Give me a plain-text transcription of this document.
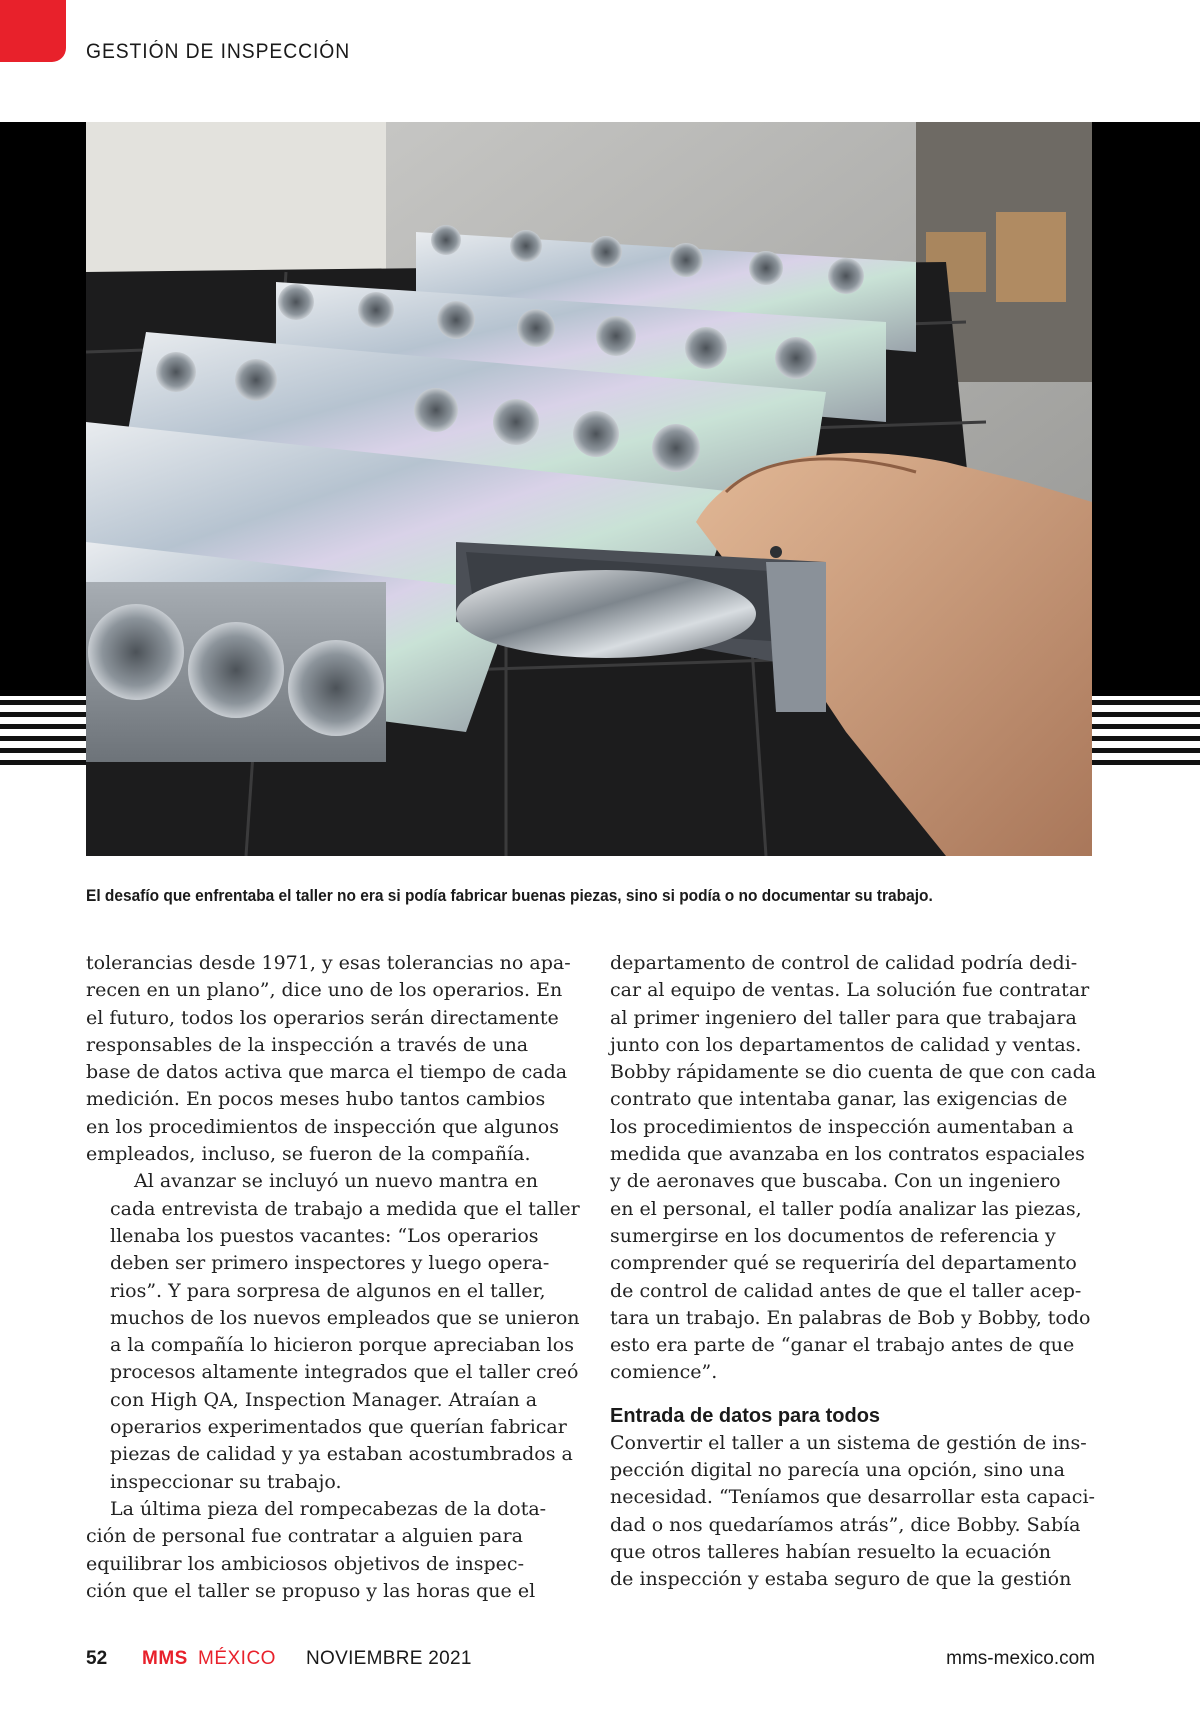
GESTIÓN DE INSPECCIÓN
El desafío que enfrentaba el taller no era si podía fabricar buenas piezas, sino si podía o no documentar su trabajo.

tolerancias desde 1971, y esas tolerancias no apa-
recen en un plano”, dice uno de los operarios. En
el futuro, todos los operarios serán directamente
responsables de la inspección a través de una
base de datos activa que marca el tiempo de cada
medición. En pocos meses hubo tantos cambios
en los procedimientos de inspección que algunos
empleados, incluso, se fueron de la compañía.

Al avanzar se incluyó un nuevo mantra en
cada entrevista de trabajo a medida que el taller
llenaba los puestos vacantes: “Los operarios
deben ser primero inspectores y luego opera-
rios”. Y para sorpresa de algunos en el taller,
muchos de los nuevos empleados que se unieron
a la compañía lo hicieron porque apreciaban los
procesos altamente integrados que el taller creó
con High QA, Inspection Manager. Atraían a
operarios experimentados que querían fabricar
piezas de calidad y ya estaban acostumbrados a
inspeccionar su trabajo.

La última pieza del rompecabezas de la dota-
ción de personal fue contratar a alguien para
equilibrar los ambiciosos objetivos de inspec-
ción que el taller se propuso y las horas que el

departamento de control de calidad podría dedi-
car al equipo de ventas. La solución fue contratar
al primer ingeniero del taller para que trabajara
junto con los departamentos de calidad y ventas.
Bobby rápidamente se dio cuenta de que con cada
contrato que intentaba ganar, las exigencias de
los procedimientos de inspección aumentaban a
medida que avanzaba en los contratos espaciales
y de aeronaves que buscaba. Con un ingeniero
en el personal, el taller podía analizar las piezas,
sumergirse en los documentos de referencia y
comprender qué se requeriría del departamento
de control de calidad antes de que el taller acep-
tara un trabajo. En palabras de Bob y Bobby, todo
esto era parte de “ganar el trabajo antes de que
comience”.

Entrada de datos para todos

Convertir el taller a un sistema de gestión de ins-
pección digital no parecía una opción, sino una
necesidad. “Teníamos que desarrollar esta capaci-
dad o nos quedaríamos atrás”, dice Bobby. Sabía
que otros talleres habían resuelto la ecuación
de inspección y estaba seguro de que la gestión

52 MMS MÉXICO NOVIEMBRE 2021	mms-mexico.com
